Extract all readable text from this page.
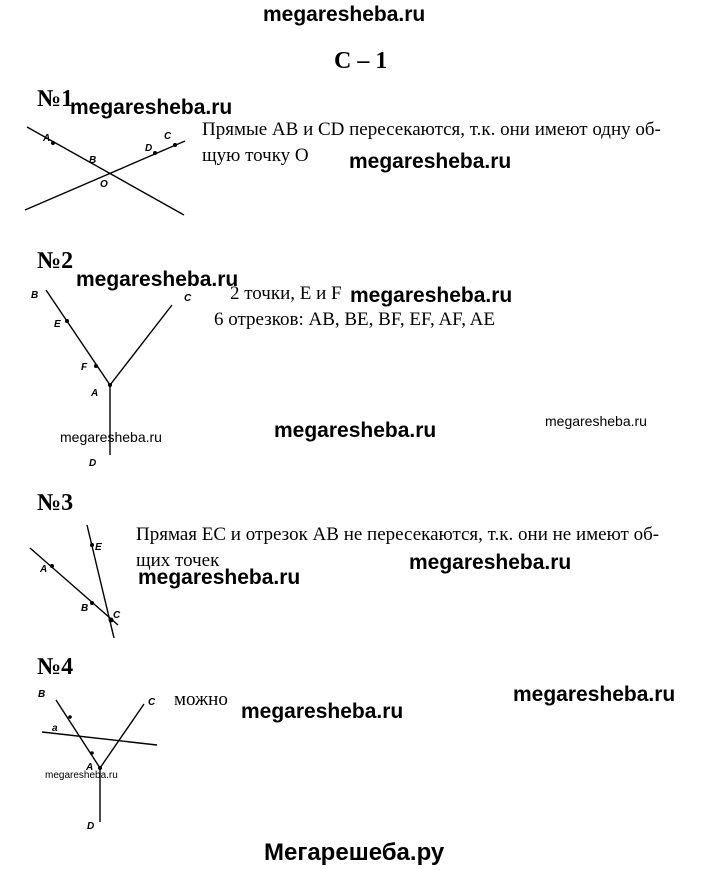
megaresheba.ru
С – 1
№1
megaresheba.ru
Прямые АВ и CD пересекаются, т.к. они имеют одну об-
щую точку О megaresheba.ru
A
B
O
D
C
№2
megaresheba.ru
2 точки, Е и F megaresheba.ru
6 отрезков: АВ, ВЕ, BF, EF, AF, AE
megaresheba.ru	megaresheba.ru
megaresheba.ru
B
E
F
A
C
D
№3
Прямая ЕС и отрезок АВ не пересекаются, т.к. они не имеют об-
щих точек	megaresheba.ru
megaresheba.ru
E
A
B
C
№4
можно	megaresheba.ru
megaresheba.ru
megaresheba.ru
B
C
a
A
D
Мегарешеба.ру
